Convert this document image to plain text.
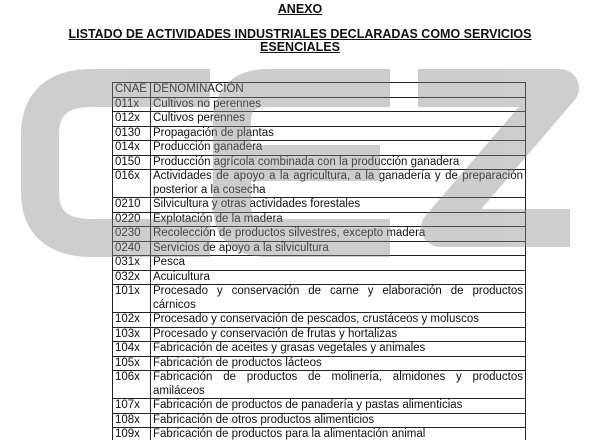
ANEXO
LISTADO DE ACTIVIDADES INDUSTRIALES DECLARADAS COMO SERVICIOS
ESENCIALES
CNAE	DENOMINACIÓN
011x	Cultivos no perennes
012x	Cultivos perennes
0130	Propagación de plantas
014x	Producción ganadera
0150	Producción agrícola combinada con la producción ganadera
016x	Actividades de apoyo a la agricultura, a la ganadería y de preparación posterior a la cosecha
0210	Silvicultura y otras actividades forestales
0220	Explotación de la madera
0230	Recolección de productos silvestres, excepto madera
0240	Servicios de apoyo a la silvicultura
031x	Pesca
032x	Acuicultura
101x	Procesado y conservación de carne y elaboración de productos cárnicos
102x	Procesado y conservación de pescados, crustáceos y moluscos
103x	Procesado y conservación de frutas y hortalizas
104x	Fabricación de aceites y grasas vegetales y animales
105x	Fabricación de productos lácteos
106x	Fabricación de productos de molinería, almidones y productos amiláceos
107x	Fabricación de productos de panadería y pastas alimenticias
108x	Fabricación de otros productos alimenticios
109x	Fabricación de productos para la alimentación animal
